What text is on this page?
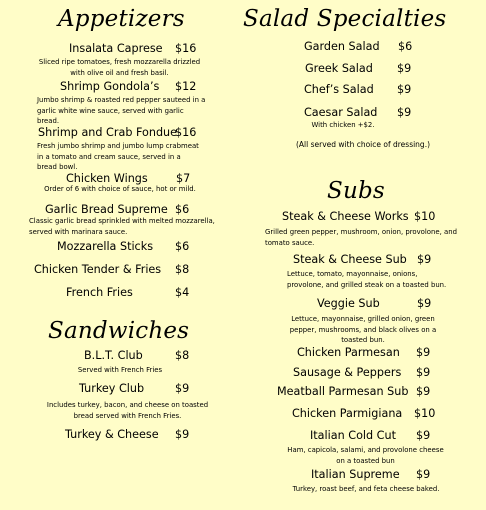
Appetizers
Insalata Caprese $16
Sliced ripe tomatoes, fresh mozzarella drizzled with olive oil and fresh basil.
Shrimp Gondola’s $12
Jumbo shrimp & roasted red pepper sauteed in a garlic white wine sauce, served with garlic bread.
Shrimp and Crab Fondue
$16
Fresh jumbo shrimp and jumbo lump crabmeat in a tomato and cream sauce, served in a bread bowl.
Chicken Wings	$7
Order of 6 with choice of sauce, hot or mild.
Garlic Bread Supreme $6
Classic garlic bread sprinkled with melted mozzarella, served with marinara sauce.
Mozzarella Sticks $6
Chicken Tender & Fries $8
French Fries	$4
Sandwiches
B.L.T. Club	$8
Served with French Fries
Turkey Club	$9
Includes turkey, bacon, and cheese on toasted bread served with French Fries.
Turkey & Cheese $9
Salad Specialties
Garden Salad $6
Greek Salad $9
Chef’s Salad $9
Caesar Salad $9
With chicken +$2.
(All served with choice of dressing.)
Subs
Steak & Cheese Works $10
Grilled green pepper, mushroom, onion, provolone, and tomato sauce.
Steak & Cheese Sub $9
Lettuce, tomato, mayonnaise, onions, provolone, and grilled steak on a toasted bun.
Veggie Sub	$9
Lettuce, mayonnaise, grilled onion, green pepper, mushrooms, and black olives on a toasted bun.
Chicken Parmesan $9
Sausage & Peppers $9
Meatball Parmesan Sub $9
Chicken Parmigiana $10
Italian Cold Cut $9
Ham, capicola, salami, and provolone cheese on a toasted bun
Italian Supreme $9
Turkey, roast beef, and feta cheese baked.
